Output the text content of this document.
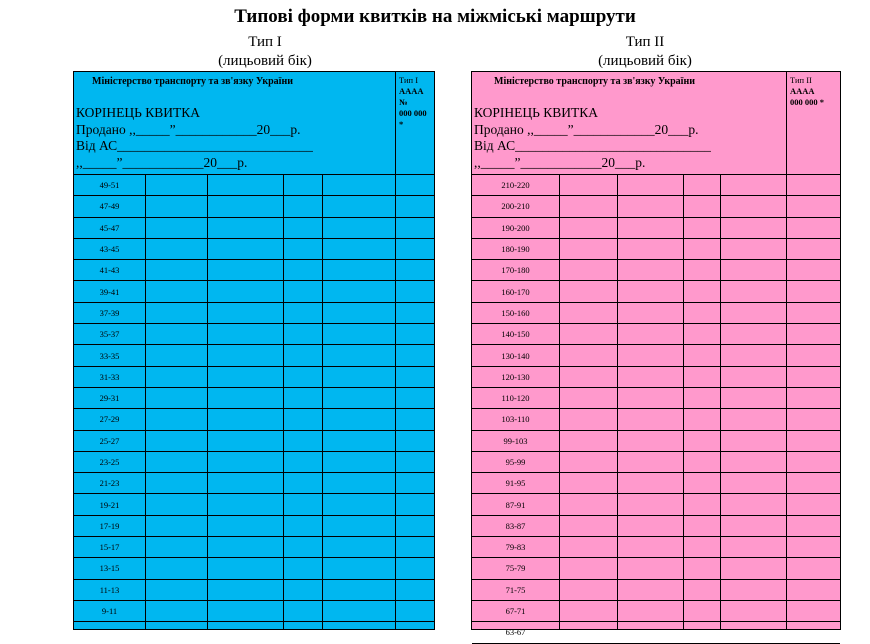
Типові форми квитків на міжміські маршрути
Тип І
(лицьовий бік)
Тип ІІ
(лицьовий бік)
Міністерство транспорту та зв'язку України	Тип І
АААА
№
000 000
*
КОРІНЕЦЬ КВИТКА
Продано ,,_____”____________20___р.
Від АС_____________________________
,,_____”____________20___р.
49-51
47-49
45-47
43-45
41-43
39-41
37-39
35-37
33-35
31-33
29-31
27-29
25-27
23-25
21-23
19-21
17-19
15-17
13-15
11-13
9-11
Міністерство транспорту та зв'язку України	Тип ІІ
АААА
000 000 *
КОРІНЕЦЬ КВИТКА
Продано ,,_____”____________20___р.
Від АС_____________________________
,,_____”____________20___р.
210-220
200-210
190-200
180-190
170-180
160-170
150-160
140-150
130-140
120-130
110-120
103-110
99-103
95-99
91-95
87-91
83-87
79-83
75-79
71-75
67-71
63-67
